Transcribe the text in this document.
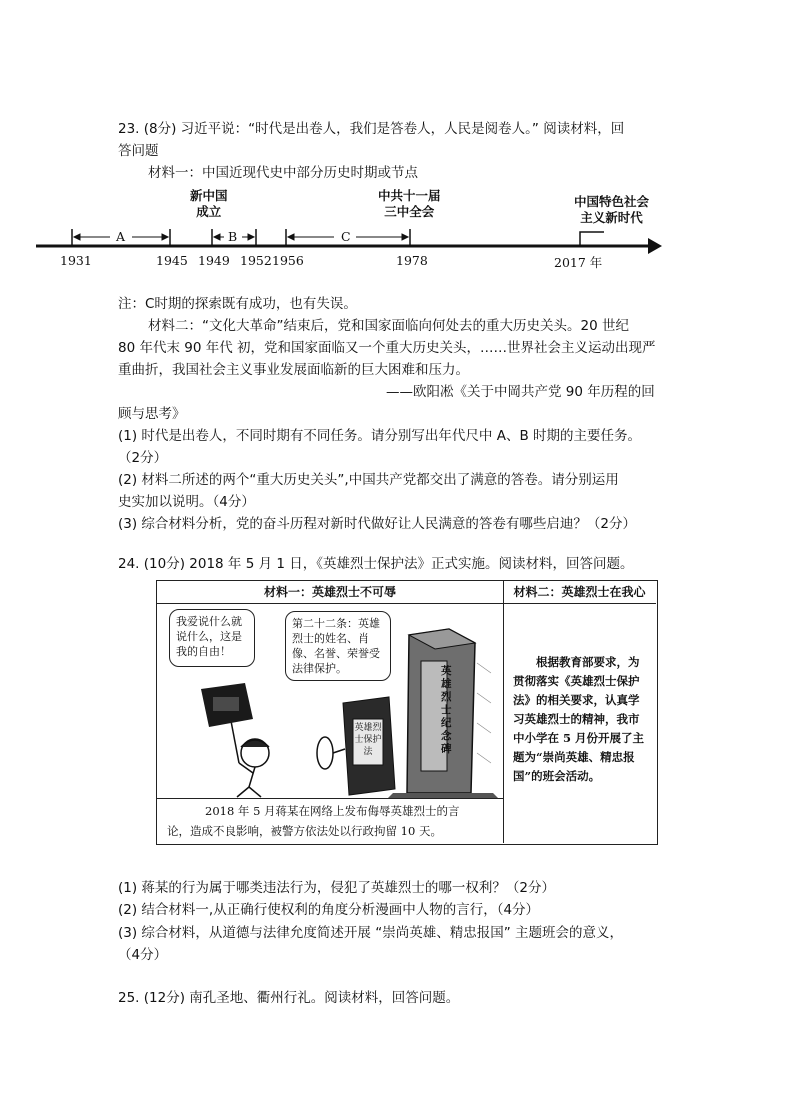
23. (8分) 习近平说：“时代是出卷人，我们是答卷人，人民是阅卷人。” 阅读材料，回
答问题
材料一：中国近现代史中部分历史时期或节点
新中国
成立
中共十一届
三中全会
中国特色社会
主义新时代
A	B	C
1931	1945 1949 1952 1956	1978	2017 年
注：C时期的探索既有成功，也有失误。
材料二：“文化大革命”结束后，党和国家面临向何处去的重大历史关头。20 世纪
80 年代末 90 年代 初，党和国家面临又一个重大历史关头，……世界社会主义运动出现严
重曲折，我国社会主义事业发展面临新的巨大困难和压力。
——欧阳凇《关于中岡共产党 90 年历程的回
顾与思考》
(1) 时代是出卷人，不同时期有不同任务。请分别写出年代尺中 A、B 时期的主要任务。
（2分）
(2) 材料二所述的两个“重大历史关头”,中国共产党都交出了满意的答卷。请分别运用
史实加以说明。（4分）
(3) 综合材料分析，党的奋斗历程对新时代做好让人民满意的答卷有哪些启迪？（2分）
24. (10分) 2018 年 5 月 1 日，《英雄烈士保护法》正式实施。阅读材料，回答问题。
材料一：英雄烈士不可辱	材料二：英雄烈士在我心
我爱说什么就说什么，这是我的自由！
第二十二条：英雄烈士的姓名、肖像、名誉、荣誉受法律保护。	英雄烈士纪念碑
英雄烈士保护法
2018 年 5 月蒋某在网络上发布侮辱英雄烈士的言
论，造成不良影响，被警方依法处以行政拘留 10 天。
根据教育部要求，为贯彻落实《英雄烈士保护法》的相关要求，认真学习英雄烈士的精神，我市中小学在 5 月份开展了主题为“崇尚英雄、精忠报国”的班会活动。
(1) 蒋某的行为属于哪类违法行为，侵犯了英雄烈士的哪一权利？（2分）
(2) 结合材料一,从正确行使权利的角度分析漫画中人物的言行，（4分）
(3) 综合材料，从道德与法律允度简述开展 “崇尚英雄、精忠报国” 主题班会的意义，
（4分）
25. (12分) 南孔圣地、衢州行礼。阅读材料，回答问题。
